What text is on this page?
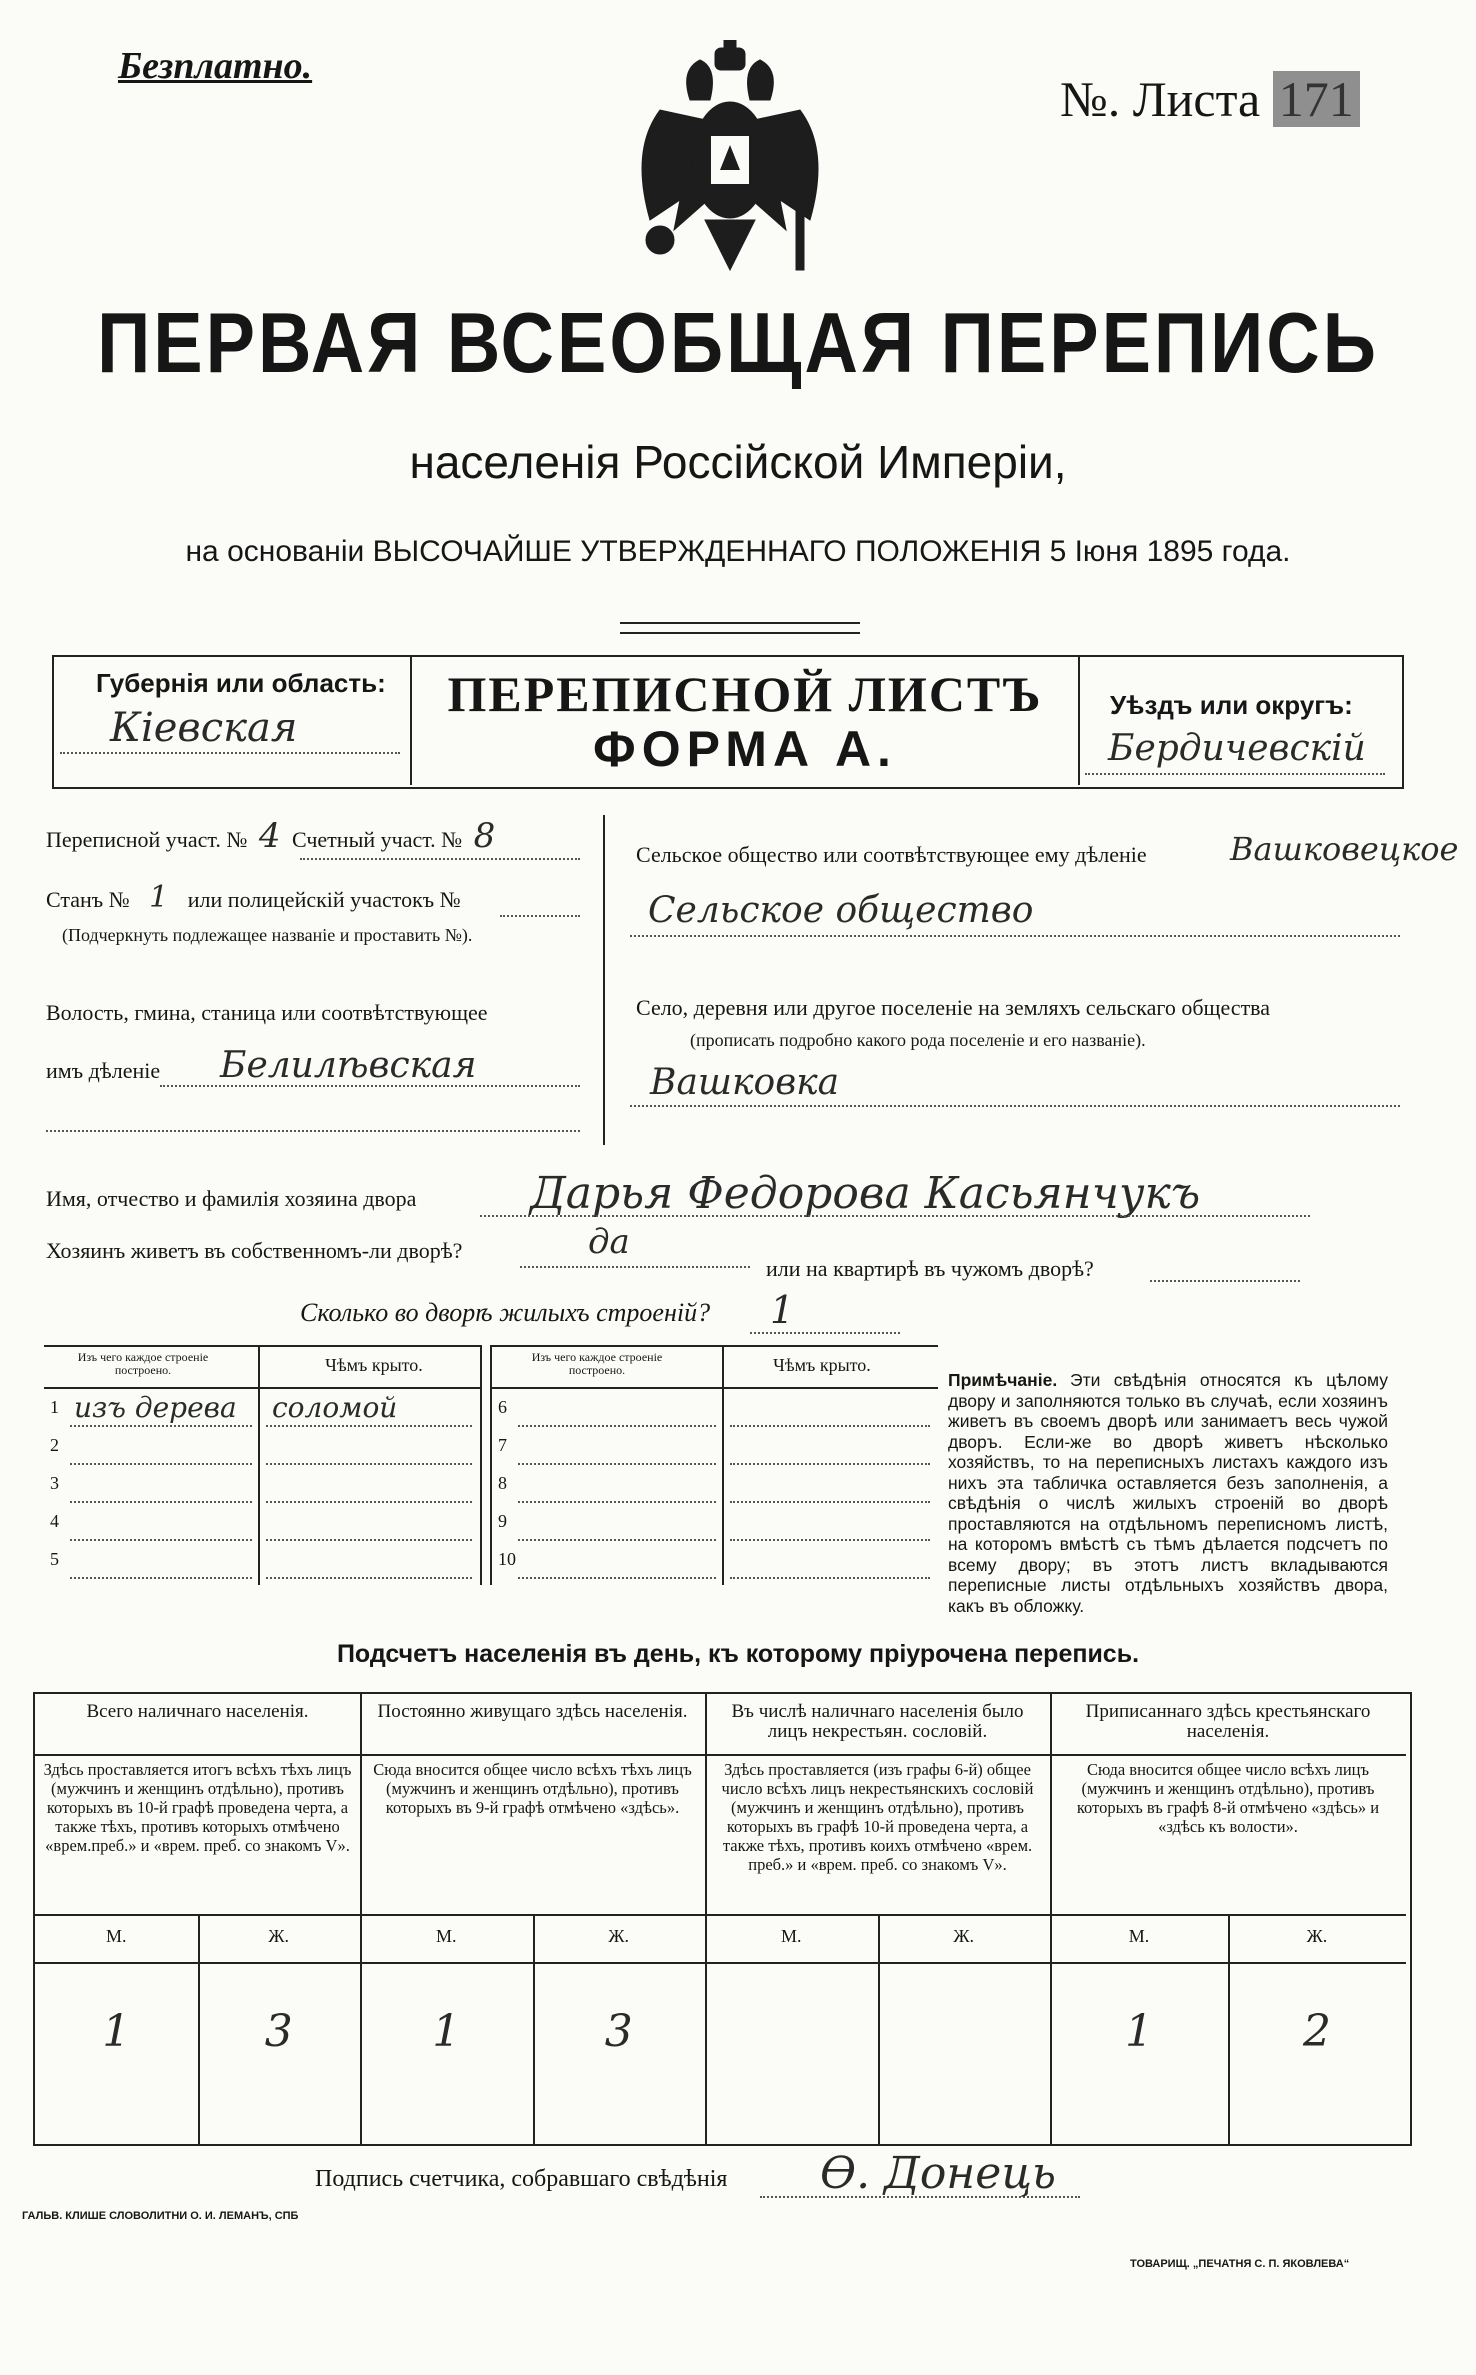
Безплатно.
№. Листа 171
ПЕРВАЯ ВСЕОБЩАЯ ПЕРЕПИСЬ
населенія Россійской Имперіи,
на основаніи ВЫСОЧАЙШЕ УТВЕРЖДЕННАГО ПОЛОЖЕНІЯ 5 Іюня 1895 года.
Губернія или область:
Кіевская
ПЕРЕПИСНОЙ ЛИСТЪ
ФОРМА А.
Уѣздъ или округъ:
Бердичевскій
Переписной участ. № 4 Счетный участ. № 8
Станъ № 1 или полицейскій участокъ №
(Подчеркнуть подлежащее названіе и проставить №).
Волость, гмина, станица или соотвѣтствующее
имъ дѣленіе Белилѣвская
Сельское общество или соотвѣтствующее ему дѣленіе	Вашковецкое
Сельское общество
Село, деревня или другое поселеніе на земляхъ сельскаго общества
(прописать подробно какого рода поселеніе и его названіе).
Вашковка
Имя, отчество и фамилія хозяина двора	Дарья Федорова Касьянчукъ
Хозяинъ живетъ въ собственномъ-ли дворѣ?	да
или на квартирѣ въ чужомъ дворѣ?
Сколько во дворѣ жилыхъ строеній? 1
Изъ чего каждое строеніе построено.	Чѣмъ крыто.
1 изъ дерева соломой
2
3
4
5
Изъ чего каждое строеніе построено.	Чѣмъ крыто.
6
7
8
9
10
Примѣчаніе. Эти свѣдѣнія относятся къ цѣлому двору и заполняются только въ случаѣ, если хозяинъ живетъ въ своемъ дворѣ или занимаетъ весь чужой дворъ. Если-же во дворѣ живетъ нѣсколько хозяйствъ, то на переписныхъ листахъ каждого изъ нихъ эта табличка оставляется безъ заполненія, а свѣдѣнія о числѣ жилыхъ строеній во дворѣ проставляются на отдѣльномъ переписномъ листѣ, на которомъ вмѣстѣ съ тѣмъ дѣлается подсчетъ по всему двору; въ этотъ листъ вкладываются переписные листы отдѣльныхъ хозяйствъ двора, какъ въ обложку.
Подсчетъ населенія въ день, къ которому пріурочена перепись.
Всего наличнаго населенія.
Здѣсь проставляется итогъ всѣхъ тѣхъ лицъ (мужчинъ и женщинъ отдѣльно), противъ которыхъ въ 10-й графѣ проведена черта, а также тѣхъ, противъ которыхъ отмѣчено «врем.преб.» и «врем. преб. со знакомъ V».
М.	Ж.
1	3
Постоянно живущаго здѣсь населенія.
Сюда вносится общее число всѣхъ тѣхъ лицъ (мужчинъ и женщинъ отдѣльно), противъ которыхъ въ 9-й графѣ отмѣчено «здѣсь».
М.	Ж.
1	3
Въ числѣ наличнаго населенія было лицъ некрестьян. сословій.
Здѣсь проставляется (изъ графы 6-й) общее число всѣхъ лицъ некрестьянскихъ сословій (мужчинъ и женщинъ отдѣльно), противъ которыхъ въ графѣ 10-й проведена черта, а также тѣхъ, противъ коихъ отмѣчено «врем. преб.» и «врем. преб. со знакомъ V».
М.	Ж.
Приписаннаго здѣсь крестьянскаго населенія.
Сюда вносится общее число всѣхъ лицъ (мужчинъ и женщинъ отдѣльно), противъ которыхъ въ графѣ 8-й отмѣчено «здѣсь» и «здѣсь къ волости».
М.	Ж.
1	2
Подпись счетчика, собравшаго свѣдѣнія Ѳ. Донець
ГАЛЬВ. КЛИШЕ СЛОВОЛИТНИ О. И. ЛЕМАНЪ, СПБ
ТОВАРИЩ. „ПЕЧАТНЯ С. П. ЯКОВЛЕВА“
